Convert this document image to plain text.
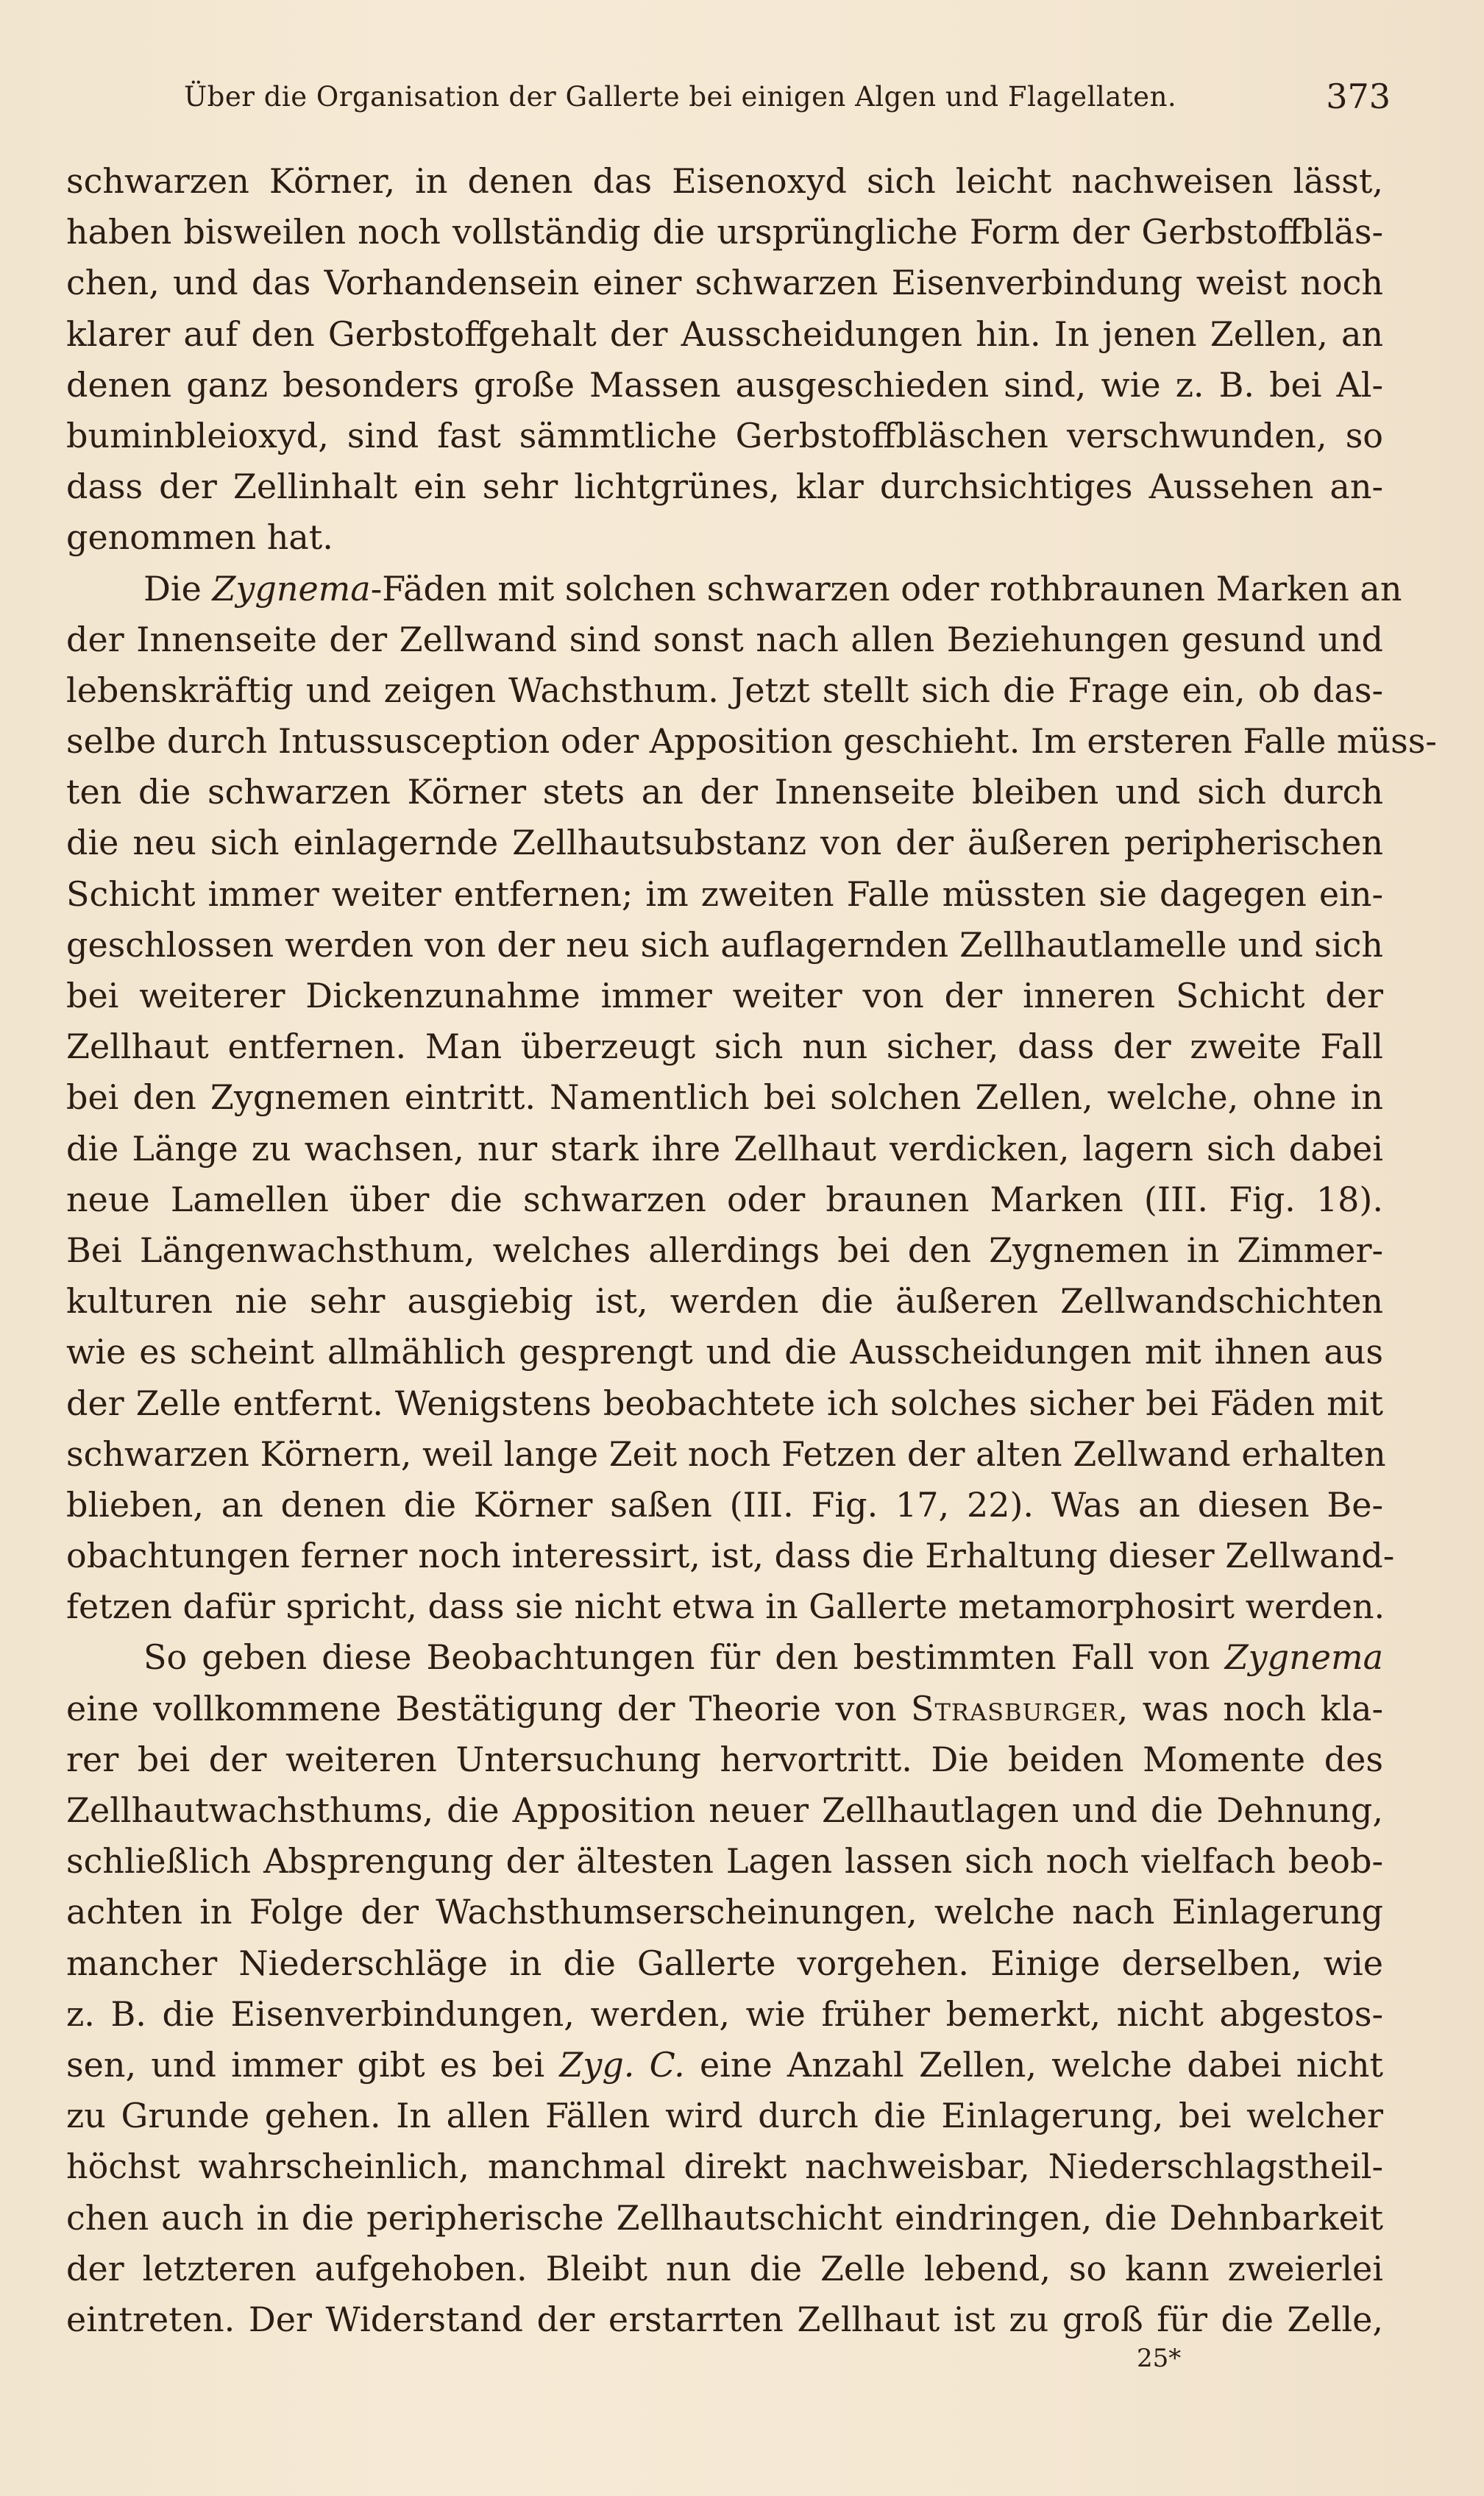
Über die Organisation der Gallerte bei einigen Algen und Flagellaten.	373
schwarzen Körner, in denen das Eisenoxyd sich leicht nachweisen lässt,
haben bisweilen noch vollständig die ursprüngliche Form der Gerbstoffbläs-
chen, und das Vorhandensein einer schwarzen Eisenverbindung weist noch
klarer auf den Gerbstoffgehalt der Ausscheidungen hin. In jenen Zellen, an
denen ganz besonders große Massen ausgeschieden sind, wie z. B. bei Al-
buminbleioxyd, sind fast sämmtliche Gerbstoffbläschen verschwunden, so
dass der Zellinhalt ein sehr lichtgrünes, klar durchsichtiges Aussehen an-
genommen hat.
Die Zygnema-Fäden mit solchen schwarzen oder rothbraunen Marken an
der Innenseite der Zellwand sind sonst nach allen Beziehungen gesund und
lebenskräftig und zeigen Wachsthum. Jetzt stellt sich die Frage ein, ob das-
selbe durch Intussusception oder Apposition geschieht. Im ersteren Falle müss-
ten die schwarzen Körner stets an der Innenseite bleiben und sich durch
die neu sich einlagernde Zellhautsubstanz von der äußeren peripherischen
Schicht immer weiter entfernen; im zweiten Falle müssten sie dagegen ein-
geschlossen werden von der neu sich auflagernden Zellhautlamelle und sich
bei weiterer Dickenzunahme immer weiter von der inneren Schicht der
Zellhaut entfernen. Man überzeugt sich nun sicher, dass der zweite Fall
bei den Zygnemen eintritt. Namentlich bei solchen Zellen, welche, ohne in
die Länge zu wachsen, nur stark ihre Zellhaut verdicken, lagern sich dabei
neue Lamellen über die schwarzen oder braunen Marken (III. Fig. 18).
Bei Längenwachsthum, welches allerdings bei den Zygnemen in Zimmer-
kulturen nie sehr ausgiebig ist, werden die äußeren Zellwandschichten
wie es scheint allmählich gesprengt und die Ausscheidungen mit ihnen aus
der Zelle entfernt. Wenigstens beobachtete ich solches sicher bei Fäden mit
schwarzen Körnern, weil lange Zeit noch Fetzen der alten Zellwand erhalten
blieben, an denen die Körner saßen (III. Fig. 17, 22). Was an diesen Be-
obachtungen ferner noch interessirt, ist, dass die Erhaltung dieser Zellwand-
fetzen dafür spricht, dass sie nicht etwa in Gallerte metamorphosirt werden.
So geben diese Beobachtungen für den bestimmten Fall von Zygnema
eine vollkommene Bestätigung der Theorie von Strasburger, was noch kla-
rer bei der weiteren Untersuchung hervortritt. Die beiden Momente des
Zellhautwachsthums, die Apposition neuer Zellhautlagen und die Dehnung,
schließlich Absprengung der ältesten Lagen lassen sich noch vielfach beob-
achten in Folge der Wachsthumserscheinungen, welche nach Einlagerung
mancher Niederschläge in die Gallerte vorgehen. Einige derselben, wie
z. B. die Eisenverbindungen, werden, wie früher bemerkt, nicht abgestos-
sen, und immer gibt es bei Zyg. C. eine Anzahl Zellen, welche dabei nicht
zu Grunde gehen. In allen Fällen wird durch die Einlagerung, bei welcher
höchst wahrscheinlich, manchmal direkt nachweisbar, Niederschlagstheil-
chen auch in die peripherische Zellhautschicht eindringen, die Dehnbarkeit
der letzteren aufgehoben. Bleibt nun die Zelle lebend, so kann zweierlei
eintreten. Der Widerstand der erstarrten Zellhaut ist zu groß für die Zelle,
25*
